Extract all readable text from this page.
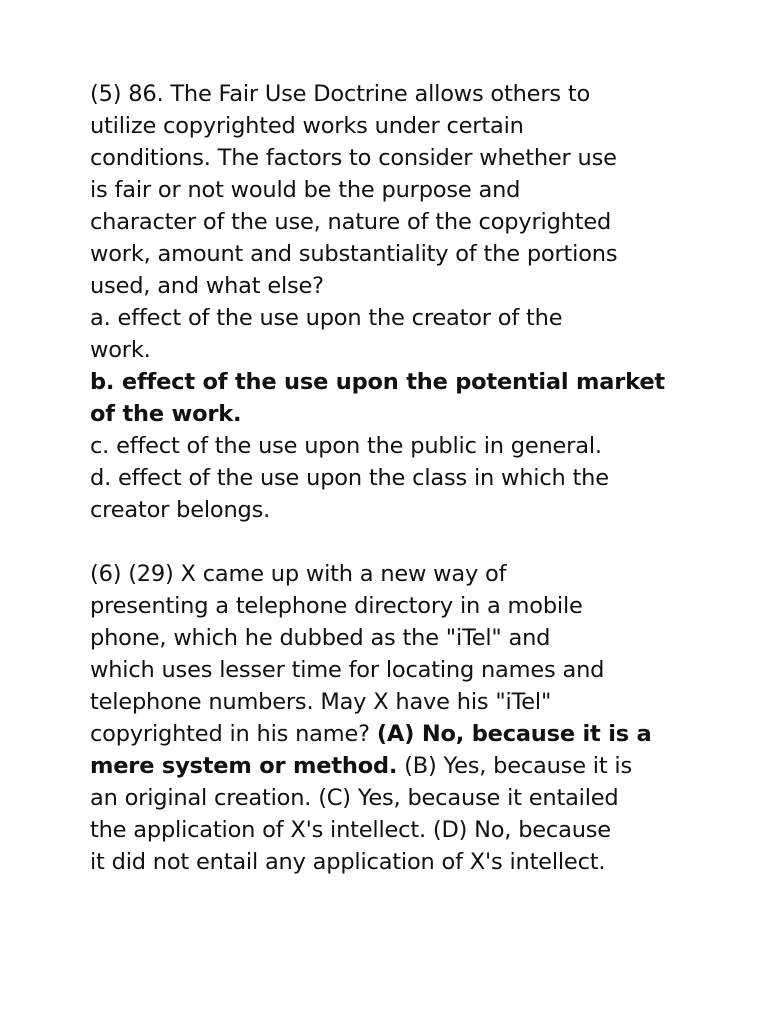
(5) 86. The Fair Use Doctrine allows others to
utilize copyrighted works under certain
conditions. The factors to consider whether use
is fair or not would be the purpose and
character of the use, nature of the copyrighted
work, amount and substantiality of the portions
used, and what else?
a. effect of the use upon the creator of the
work.
b. effect of the use upon the potential market
of the work.
c. effect of the use upon the public in general.
d. effect of the use upon the class in which the
creator belongs.
(6) (29) X came up with a new way of
presenting a telephone directory in a mobile
phone, which he dubbed as the "iTel" and
which uses lesser time for locating names and
telephone numbers. May X have his "iTel"
copyrighted in his name? (A) No, because it is a
mere system or method. (B) Yes, because it is
an original creation. (C) Yes, because it entailed
the application of X's intellect. (D) No, because
it did not entail any application of X's intellect.
